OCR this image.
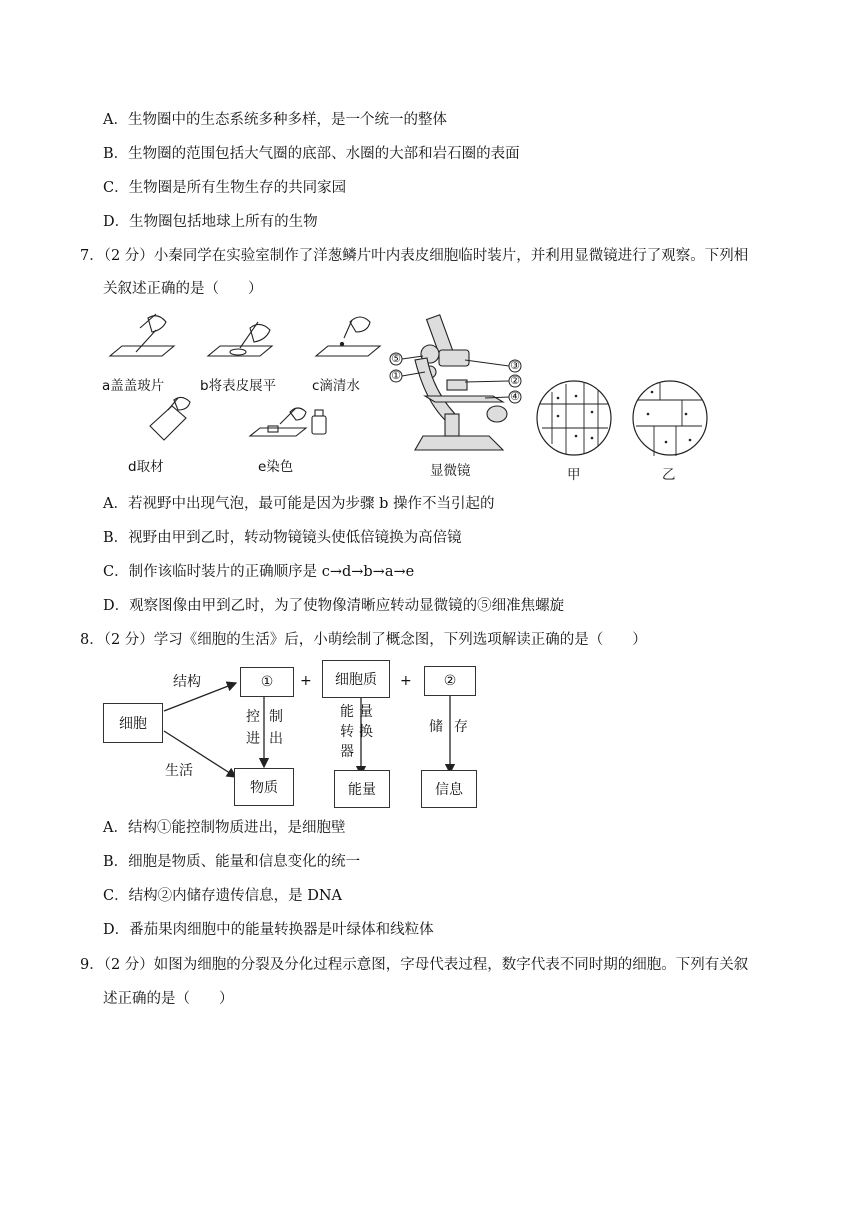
A．生物圈中的生态系统多种多样，是一个统一的整体
B．生物圈的范围包括大气圈的底部、水圈的大部和岩石圈的表面
C．生物圈是所有生物生存的共同家园
D．生物圈包括地球上所有的生物
7．（2 分）小秦同学在实验室制作了洋葱鳞片叶内表皮细胞临时装片，并利用显微镜进行了观察。下列相
关叙述正确的是（　　）
a盖盖玻片	b将表皮展平	c滴清水
d取材	e染色
⑤
①
③
②
④
显微镜	甲	乙
A．若视野中出现气泡，最可能是因为步骤 b 操作不当引起的
B．视野由甲到乙时，转动物镜镜头使低倍镜换为高倍镜
C．制作该临时装片的正确顺序是 c→d→b→a→e
D．观察图像由甲到乙时，为了使物像清晰应转动显微镜的⑤细准焦螺旋
8．（2 分）学习《细胞的生活》后，小萌绘制了概念图，下列选项解读正确的是（　　）
细胞
结构
生活
① + 细胞质 + ②
控 制
进 出
能量转换器
储 存
物质	能量	信息
A．结构①能控制物质进出，是细胞壁
B．细胞是物质、能量和信息变化的统一
C．结构②内储存遗传信息，是 DNA
D．番茄果肉细胞中的能量转换器是叶绿体和线粒体
9．（2 分）如图为细胞的分裂及分化过程示意图，字母代表过程，数字代表不同时期的细胞。下列有关叙
述正确的是（　　）
